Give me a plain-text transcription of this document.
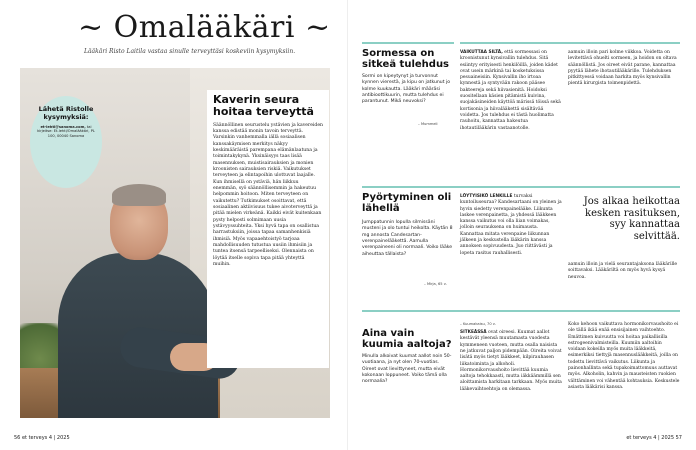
~ Omalääkäri ~
Lääkäri Risto Laitila vastaa sinulle terveyttäsi koskeviin kysymyksiin.
Lähetä Ristolle kysymyksiä:
et-lehti@sanoma.com, tai kirjeitse: Et-lehti/Omalääkäri, PL 100, 00040 Sanoma
Kaverin seura hoitaa terveyttä
Säännöllinen seurustelu ystävien ja kavereiden kanssa edistää monin tavoin terveyttä. Varsinkin vanhemmalla iällä sosiaalisen kanssakäymisen merkitys näkyy keskimääräistä parempana elämänlaatuna ja toimintakykynä. Yksinäisyys taas lisää masennuksen, muistisairauksien ja monien kroonisten sairauksien riskiä. Vaikutukset terveyteen ja elintapoihin ulottuvat laajalle. Kun ihmisellä on ystäviä, hän liikkuu enemmän, syö säännöllisemmin ja hakeutuu helpommin hoitoon. Miten terveyteen on vaikutettu? Tutkimukset osoittavat, että sosiaalinen aktiivisuus tukee aivoterveyttä ja pitää mielen virkeänä. Kaikki eivät kuitenkaan pysty helposti solmimaan uusia ystävyyssuhteita. Yksi hyvä tapa on osallistua harrastuksiin, joissa tapaa samanhenkisiä ihmisiä. Myös vapaaehtoistyö tarjoaa mahdollisuuden tutustua uusiin ihmisiin ja tuntea itsensä tarpeelliseksi. Olennaista on löytää itselle sopiva tapa pitää yhteyttä muihin.
56 et terveys 4 | 2025
Sormessa on sitkeä tulehdus
Sormi on kipeytynyt ja turvonnut kynnen vierestä, ja kipu on jatkunut jo kolme kuukautta. Lääkäri määräsi antibioottikuurin, mutta tulehdus ei parantunut. Mikä neuvoksi?
– Mummeli
VAIKUTTAA SILTÄ, että sormessasi on kroonistunut kynsivallin tulehdus. Sitä esiintyy erityisesti henkilöillä, joiden kädet ovat usein märkinä tai kosketuksissa pesuaineisiin. Kynsivallin iho irtoaa kynnestä ja syntyvään rakoon pääsee bakteereja sekä hiivasienitä. Hoidoksi suositellaan käsien pitämistä kuivina, suojakäsineiden käyttöä märissä töissä sekä kortisonia ja hiivalääkettä sisältävää voidetta. Jos tulehdus ei tästä huolimatta rauhoitu, kannattaa hakeutua ihotautilääkärin vastaanotolle.
aamuin illoin pari kolme viikkoa. Voidetta on levitettävä ohuelti sormeen, ja hoidon on oltava säännöllistä. Jos oireet eivät parane, kannattaa pyytää lähete ihotautilääkärille. Tulehduksen pitkittyessä voidaan harkita myös kynsivallin pientä kirurgista toimenpidettä.
Pyörtyminen oli lähellä
Jumppatunnin lopulla silmissäni musteni ja olo tuntui heikolta. Käytän 8 mg annosta Candesartan-verenpainelääkettä. Aamulla verenpaineeni oli normaali. Voiko lääke aiheuttaa tällaista?
– Mirja, 65 v.
LÖYTYISIKÖ LENKILLE turvaksi kuntoiluseuraa? Kandesartaani on yleinen ja hyvin siedetty verenpainelääke. Liikunta laskee verenpainetta, ja yhdessä lääkkeen kanssa vaikutus voi olla liian voimakas, jolloin seurauksena on huimausta. Kannattaa mitata verenpaine liikunnan jälkeen ja keskustella lääkärin kanssa annoksen sopivuudesta. Juo riittävästi ja lopeta rasitus rauhallisesti.
Jos alkaa heikottaa kesken rasituksen, syy kannattaa selvittää.
aamuin illoin ja vielä seurantajaksona lääkärille soittavaksi. Lääkäriltä on myös hyvä kysyä neuvoa.
Aina vain kuumia aaltoja?
Minulla alkoivat kuumat aallot noin 50-vuotiaana, ja nyt olen 70-vuotias. Oireet ovat lievittyneet, mutta eivät kokonaan loppuneet. Voiko tämä olla normaalia?
– Kuumakaisu, 70 v.
SITKEÄSSÄ ovat oireesi. Kuumat aallot kestävät yleensä muutamasta vuodesta kymmeneen vuoteen, mutta osalla naisista ne jatkuvat paljon pidempään. Oireita voivat lisätä myös tietyt lääkkeet, kilpirauhasen liikatoiminta ja alkoholi. Hormonikorvaushoito lievittää kuumia aaltoja tehokkaasti, mutta iäkkäämmillä sen aloittamista harkitaan tarkkaan. Myös muita lääkevaihtoehtoja on olemassa.
Koko kehoon vaikuttava hormonikorvaushoito ei ole tällä ikää enää ensisijainen vaihtoehto. Emättimen kuivuutta voi hoitaa paikallisilla estrogeenivalmisteilla. Kuumiin aaltoihin voidaan kokeilla myös muita lääkkeitä, esimerkiksi tiettyjä masennuslääkkeitä, joilla on todettu lievittävä vaikutus. Liikunta ja painonhallinta sekä tupakoimattomuus auttavat myös. Alkoholin, kahvin ja mausteisten ruokien välttäminen voi vähentää kohtauksia. Keskustele asiasta lääkärisi kanssa.
et terveys 4 | 2025 57
